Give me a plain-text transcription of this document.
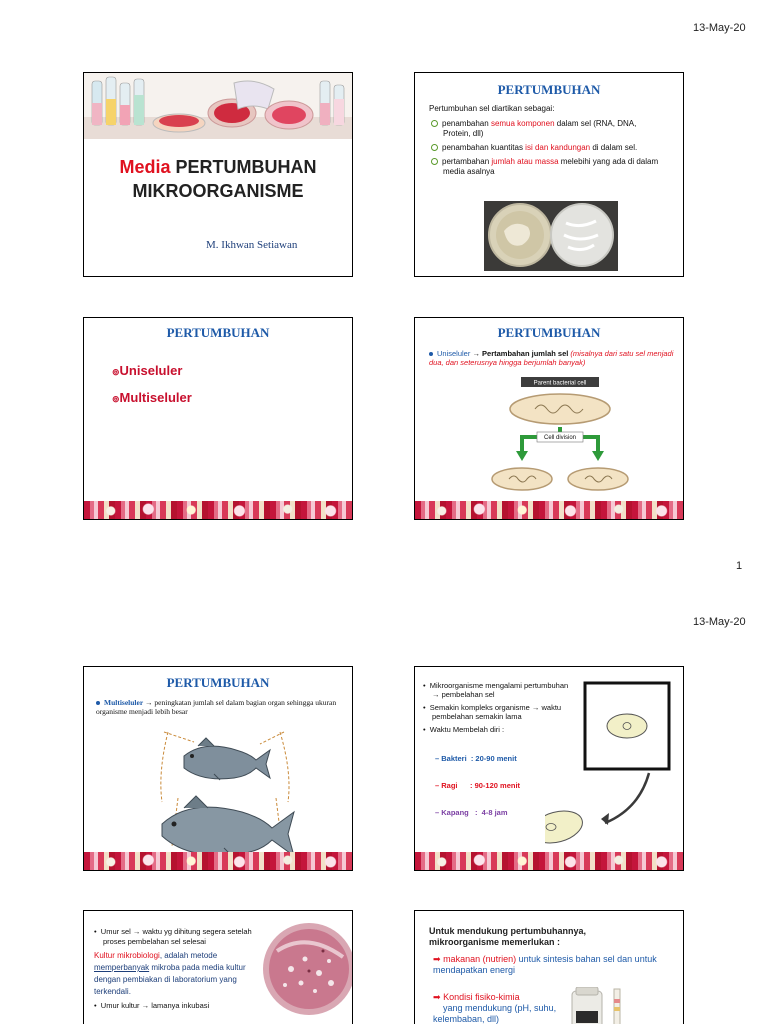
13-May-20
Media PERTUMBUHAN
MIKROORGANISME
M. Ikhwan Setiawan
PERTUMBUHAN
Pertumbuhan sel diartikan sebagai:
penambahan semua komponen dalam sel (RNA, DNA, Protein, dll)
penambahan kuantitas isi dan kandungan di dalam sel.
pertambahan jumlah atau massa melebihi yang ada di dalam media asalnya
PERTUMBUHAN
⊚Uniseluler
⊚Multiseluler
PERTUMBUHAN
Uniseluler → Pertambahan jumlah sel (misalnya dari satu sel menjadi dua, dan seterusnya hingga berjumlah banyak)
Parent bacterial cell
Cell division
1
13-May-20
PERTUMBUHAN
Multiseluler → peningkatan jumlah sel dalam bagian organ sehingga ukuran organisme menjadi lebih besar
•  Mikroorganisme mengalami pertumbuhan → pembelahan sel
•  Semakin kompleks organisme → waktu pembelahan semakin lama
•  Waktu Membelah diri :

– Bakteri  : 20-90 menit

– Ragi      : 90-120 menit

– Kapang   :  4-8 jam

•  Umur sel → waktu yg dihitung segera setelah proses pembelahan sel selesai
Kultur mikrobiologi, adalah metode memperbanyak mikroba pada media kultur dengan pembiakan di laboratorium yang terkendali.
•  Umur kultur → lamanya inkubasi
Untuk mendukung pertumbuhannya, mikroorganisme memerlukan :
➡ makanan (nutrien) untuk sintesis bahan sel dan untuk mendapatkan energi
➡ Kondisi fisiko-kimia
yang mendukung (pH, suhu, kelembaban, dll)
